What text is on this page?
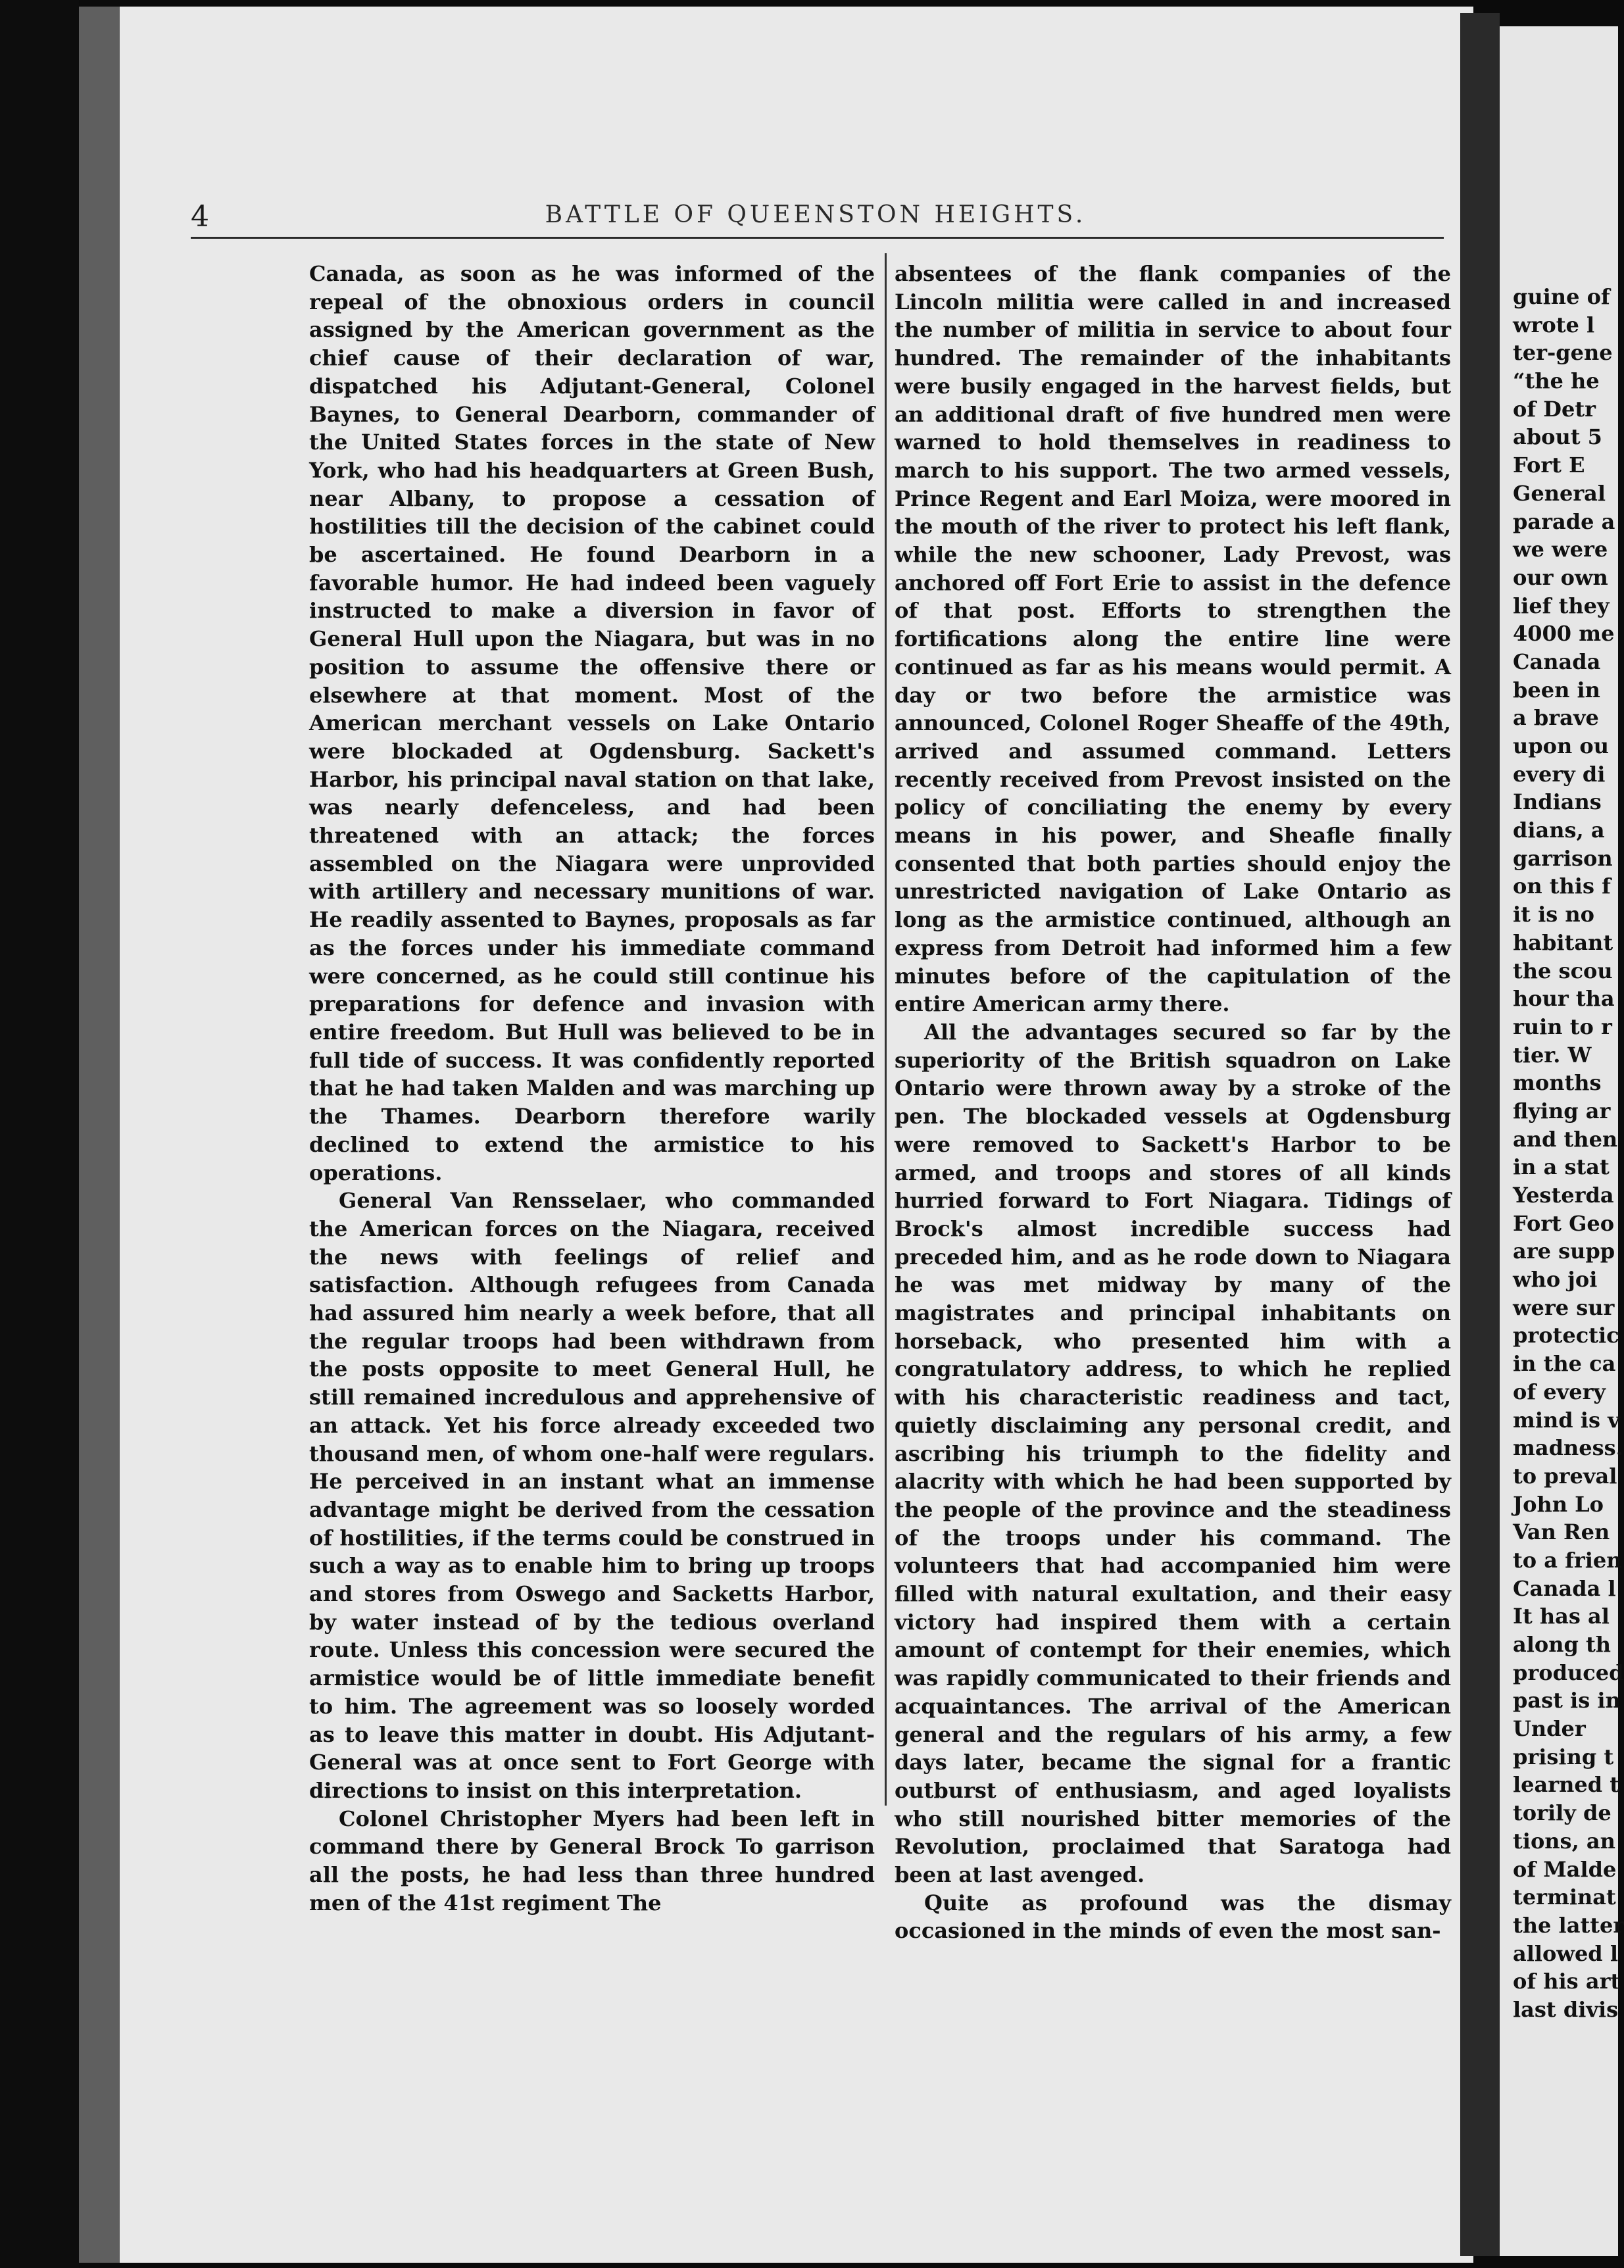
4	BATTLE OF QUEENSTON HEIGHTS.

Canada, as soon as he was informed of the repeal of the obnoxious orders in council assigned by the American government as the chief cause of their declaration of war, dispatched his Adjutant-General, Colonel Baynes, to General Dearborn, commander of the United States forces in the state of New York, who had his headquarters at Green Bush, near Albany, to propose a cessation of hostilities till the decision of the cabinet could be ascertained. He found Dearborn in a favorable humor. He had indeed been vaguely instructed to make a diversion in favor of General Hull upon the Niagara, but was in no position to assume the offensive there or elsewhere at that moment. Most of the American merchant vessels on Lake Ontario were blockaded at Ogdensburg. Sackett's Harbor, his principal naval station on that lake, was nearly defenceless, and had been threatened with an attack; the forces assembled on the Niagara were unprovided with artillery and necessary munitions of war. He readily assented to Baynes, proposals as far as the forces under his immediate command were concerned, as he could still continue his preparations for defence and invasion with entire freedom. But Hull was believed to be in full tide of success. It was confidently reported that he had taken Malden and was marching up the Thames. Dearborn therefore warily declined to extend the armistice to his operations.

General Van Rensselaer, who commanded the American forces on the Niagara, received the news with feelings of relief and satisfaction. Although refugees from Canada had assured him nearly a week before, that all the regular troops had been withdrawn from the posts opposite to meet General Hull, he still remained incredulous and apprehensive of an attack. Yet his force already exceeded two thousand men, of whom one-half were regulars. He perceived in an instant what an immense advantage might be derived from the cessation of hostilities, if the terms could be construed in such a way as to enable him to bring up troops and stores from Oswego and Sacketts Harbor, by water instead of by the tedious overland route. Unless this concession were secured the armistice would be of little immediate benefit to him. The agreement was so loosely worded as to leave this matter in doubt. His Adjutant-General was at once sent to Fort George with directions to insist on this interpretation.

Colonel Christopher Myers had been left in command there by General Brock To garrison all the posts, he had less than three hundred men of the 41st regiment The

absentees of the flank companies of the Lincoln militia were called in and increased the number of militia in service to about four hundred. The remainder of the inhabitants were busily engaged in the harvest fields, but an additional draft of five hundred men were warned to hold themselves in readiness to march to his support. The two armed vessels, Prince Regent and Earl Moiza, were moored in the mouth of the river to protect his left flank, while the new schooner, Lady Prevost, was anchored off Fort Erie to assist in the defence of that post. Efforts to strengthen the fortifications along the entire line were continued as far as his means would permit. A day or two before the armistice was announced, Colonel Roger Sheaffe of the 49th, arrived and assumed command. Letters recently received from Prevost insisted on the policy of conciliating the enemy by every means in his power, and Sheafle finally consented that both parties should enjoy the unrestricted navigation of Lake Ontario as long as the armistice continued, although an express from Detroit had informed him a few minutes before of the capitulation of the entire American army there.

All the advantages secured so far by the superiority of the British squadron on Lake Ontario were thrown away by a stroke of the pen. The blockaded vessels at Ogdensburg were removed to Sackett's Harbor to be armed, and troops and stores of all kinds hurried forward to Fort Niagara. Tidings of Brock's almost incredible success had preceded him, and as he rode down to Niagara he was met midway by many of the magistrates and principal inhabitants on horseback, who presented him with a congratulatory address, to which he replied with his characteristic readiness and tact, quietly disclaiming any personal credit, and ascribing his triumph to the fidelity and alacrity with which he had been supported by the people of the province and the steadiness of the troops under his command. The volunteers that had accompanied him were filled with natural exultation, and their easy victory had inspired them with a certain amount of contempt for their enemies, which was rapidly communicated to their friends and acquaintances. The arrival of the American general and the regulars of his army, a few days later, became the signal for a frantic outburst of enthusiasm, and aged loyalists who still nourished bitter memories of the Revolution, proclaimed that Saratoga had been at last avenged.

Quite as profound was the dismay occasioned in the minds of even the most san-

guine of
wrote l
ter-gene
“the he
of Detr
about 5
Fort E
General
parade a
we were
our own
lief they
4000 me
Canada
been in
a brave
upon ou
every di
Indians
dians, a
garrison
on this f
it is no
habitant
the scou
hour tha
ruin to r
tier. W
months
flying ar
and then
in a stat
Yesterda
Fort Geo
are supp
who joi
were sur
protectic
in the ca
of every
mind is v
madness.
to preval
John Lo
Van Ren
to a frien
Canada l
It has al
along th
produced
past is in
Under
prising t
learned t
torily de
tions, an
of Malde
terminat
the latter
allowed l
of his art
last divis
